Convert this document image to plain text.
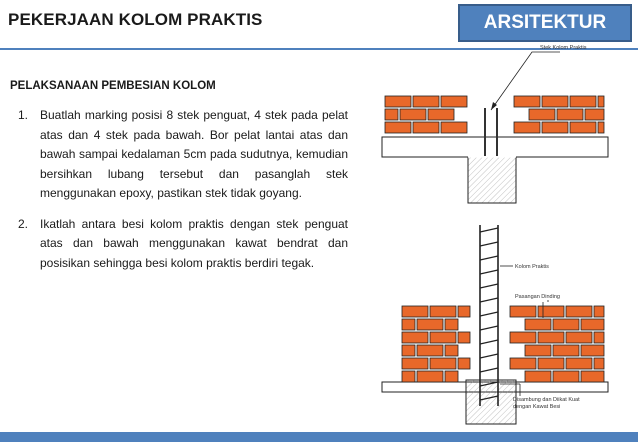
PEKERJAAN KOLOM PRAKTIS	ARSITEKTUR
PELAKSANAAN PEMBESIAN KOLOM
1. Buatlah marking posisi 8 stek penguat, 4 stek pada pelat atas dan 4 stek pada bawah. Bor pelat lantai atas dan bawah sampai kedalaman 5cm pada sudutnya, kemudian bersihkan lubang tersebut dan pasanglah stek menggunakan epoxy, pastikan stek tidak goyang.
2. Ikatlah antara besi kolom praktis dengan stek penguat atas dan bawah menggunakan kawat bendrat dan posisikan sehingga besi kolom praktis berdiri tegak.
Stek Kolom Praktis
Kolom Praktis
Pasangan Dinding
Disambung dan Diikat Kuat
dengan Kawat Besi
